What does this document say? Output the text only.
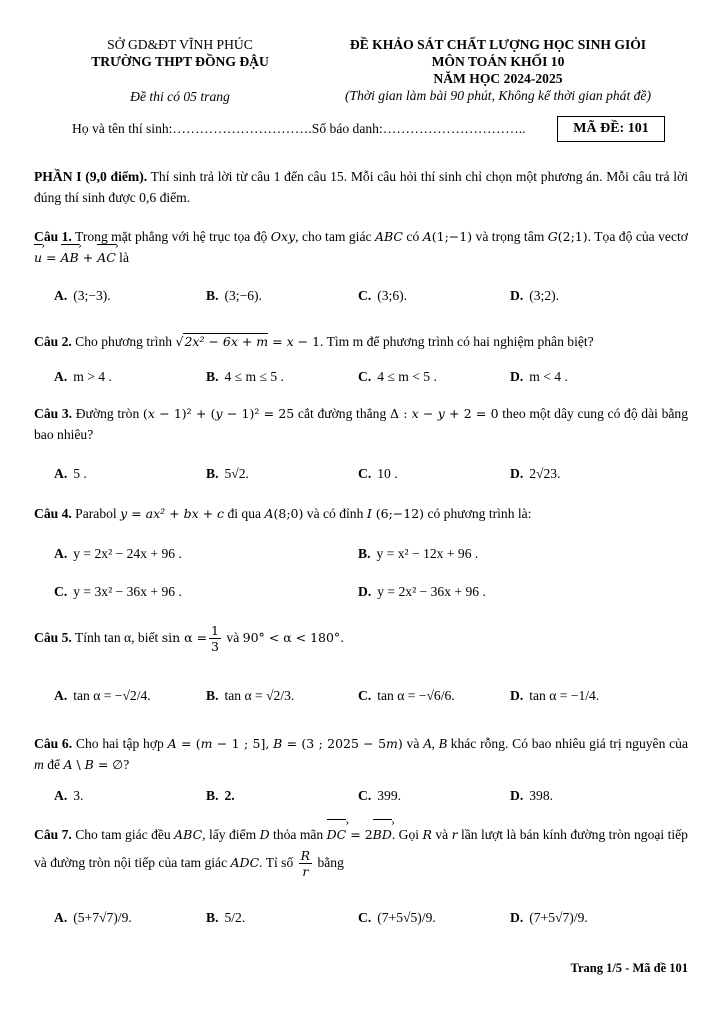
SỞ GD&ĐT VĨNH PHÚC
TRƯỜNG THPT ĐỒNG ĐẬU
Đề thi có 05 trang
ĐỀ KHẢO SÁT CHẤT LƯỢNG HỌC SINH GIỎI
MÔN TOÁN KHỐI 10
NĂM HỌC 2024-2025
(Thời gian làm bài 90 phút, Không kể thời gian phát đề)
Họ và tên thí sinh:………………………….Số báo danh:…………………………..	MÃ ĐỀ: 101
PHẦN I (9,0 điểm). Thí sinh trả lời từ câu 1 đến câu 15. Mỗi câu hỏi thí sinh chỉ chọn một phương án. Mỗi câu trả lời đúng thí sinh được 0,6 điểm.
Câu 1. Trong mặt phẳng với hệ trục tọa độ Oxy, cho tam giác ABC có A(1;−1) và trọng tâm G(2;1). Tọa độ của vectơ u › = AB › + AC › là
A. (3;−3).	B. (3;−6).	C. (3;6).	D. (3;2).
Câu 2. Cho phương trình √2x² − 6x + m = x − 1. Tìm m để phương trình có hai nghiệm phân biệt?
A. m > 4 .	B. 4 ≤ m ≤ 5 .	C. 4 ≤ m < 5 .	D. m < 4 .
Câu 3. Đường tròn (x − 1)² + (y − 1)² = 25 cắt đường thẳng Δ : x − y + 2 = 0 theo một dây cung có độ dài bằng bao nhiêu?
A. 5 .	B. 5√2.	C. 10 .	D. 2√23.
Câu 4. Parabol y = ax² + bx + c đi qua A(8;0) và có đỉnh I (6;−12) có phương trình là:
A. y = 2x² − 24x + 96 .	B. y = x² − 12x + 96 .
C. y = 3x² − 36x + 96 .	D. y = 2x² − 36x + 96 .
Câu 5. Tính tan α, biết $\sin \alpha = \frac{1}{3}$ và 90° < α < 180°.
A. tan α = −√2/4.	B. tan α = √2/3.	C. tan α = −√6/6.	D. tan α = −1/4.
Câu 6. Cho hai tập hợp A = (m − 1 ; 5], B = (3 ; 2025 − 5m) và A, B khác rỗng. Có bao nhiêu giá trị nguyên của m để A \ B = ∅?
A. 3.	B. 2.	C. 399.	D. 398.
Câu 7. Cho tam giác đều ABC, lấy điểm D thỏa mãn DC › = 2BD ›. Gọi R và r lần lượt là bán kính đường tròn ngoại tiếp và đường tròn nội tiếp của tam giác ADC. Tỉ số $\frac{R}{r}$ bằng
A. (5+7√7)/9.	B. 5/2.	C. (7+5√5)/9.	D. (7+5√7)/9.
Trang 1/5 - Mã đề 101
